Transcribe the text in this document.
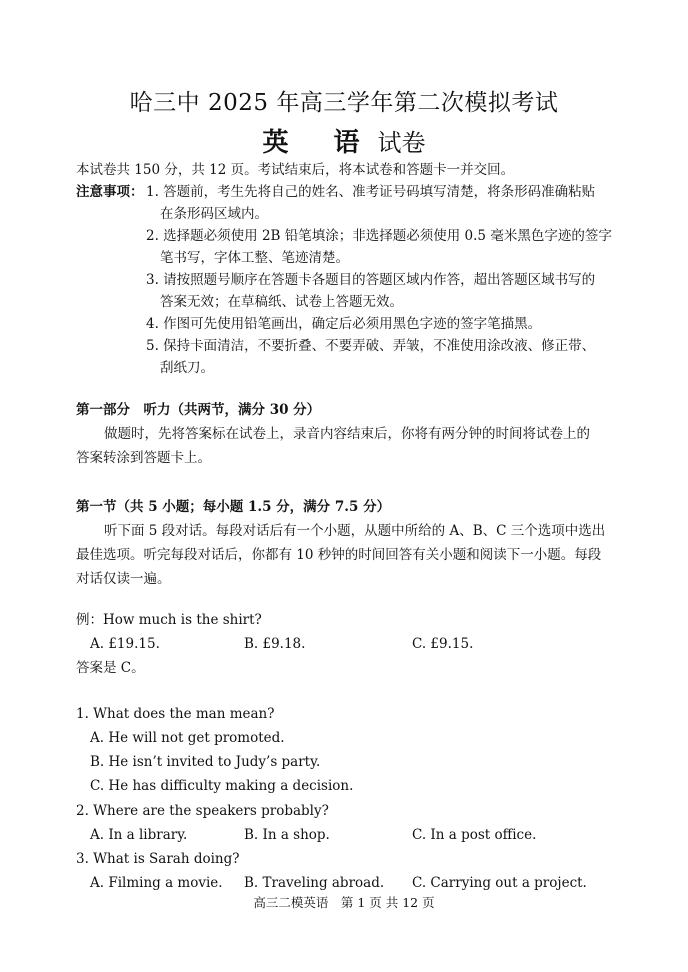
哈三中 2025 年高三学年第二次模拟考试
英 语试卷
本试卷共 150 分，共 12 页。考试结束后，将本试卷和答题卡一并交回。
注意事项： 1. 答题前，考生先将自己的姓名、准考证号码填写清楚，将条形码准确粘贴
在条形码区域内。
2. 选择题必须使用 2B 铅笔填涂；非选择题必须使用 0.5 毫米黑色字迹的签字
笔书写，字体工整、笔迹清楚。
3. 请按照题号顺序在答题卡各题目的答题区域内作答，超出答题区域书写的
答案无效；在草稿纸、试卷上答题无效。
4. 作图可先使用铅笔画出，确定后必须用黑色字迹的签字笔描黑。
5. 保持卡面清洁，不要折叠、不要弄破、弄皱，不准使用涂改液、修正带、
刮纸刀。
第一部分　听力（共两节，满分 30 分）
做题时，先将答案标在试卷上，录音内容结束后，你将有两分钟的时间将试卷上的
答案转涂到答题卡上。
第一节（共 5 小题；每小题 1.5 分，满分 7.5 分）
听下面 5 段对话。每段对话后有一个小题，从题中所给的 A、B、C 三个选项中选出
最佳选项。听完每段对话后，你都有 10 秒钟的时间回答有关小题和阅读下一小题。每段
对话仅读一遍。
例：How much is the shirt?
A. £19.15.	B. £9.18.	C. £9.15.
答案是 C。
1. What does the man mean?
A. He will not get promoted.
B. He isn’t invited to Judy’s party.
C. He has difficulty making a decision.
2. Where are the speakers probably?
A. In a library.	B. In a shop.	C. In a post office.
3. What is Sarah doing?
A. Filming a movie. B. Traveling abroad. C. Carrying out a project.
高三二模英语　第 1 页 共 12 页
